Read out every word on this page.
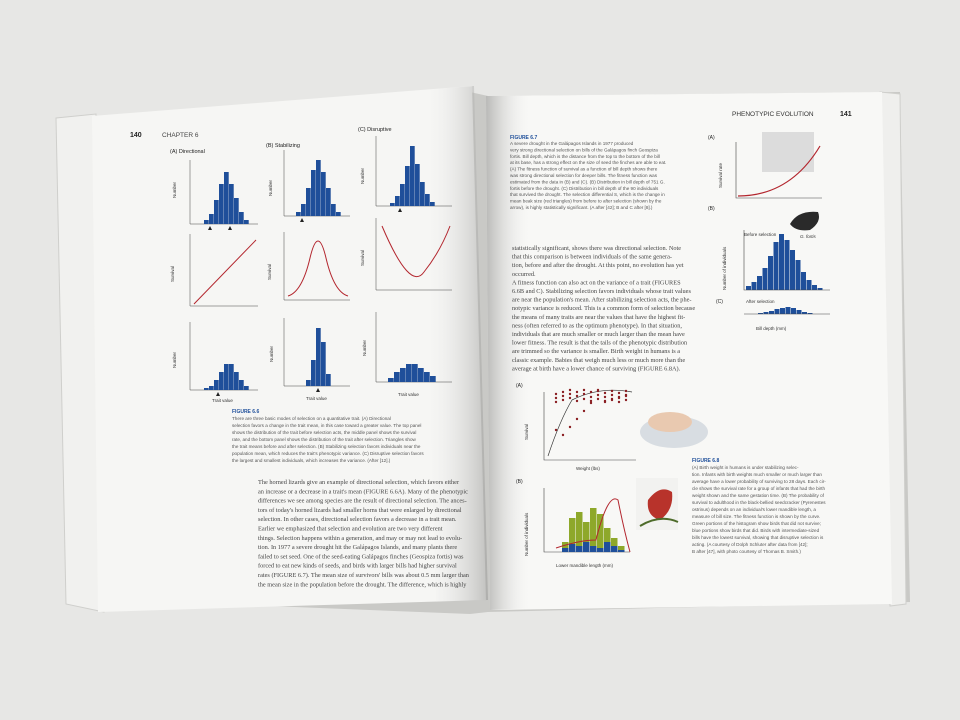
140	CHAPTER 6
(A) Directional
(B) Stabilizing
(C) Disruptive
Number
Survival
Number
Number
Survival
Number
Number
Survival
Number
Trait value	Trait value
Trait value
FIGURE 6.6
There are three basic modes of selection on a quantitative trait. (A) Directional
selection favors a change in the trait mean, in this case toward a greater value. The top panel
shows the distribution of the trait before selection acts, the middle panel shows the survival
rate, and the bottom panel shows the distribution of the trait after selection. Triangles show
the trait means before and after selection. (B) Stabilizing selection favors individuals near the
population mean, which reduces the trait's phenotypic variance. (C) Disruptive selection favors
the largest and smallest individuals, which increases the variance. (After [12].)
The horned lizards give an example of directional selection, which favors either
an increase or a decrease in a trait's mean (FIGURE 6.6A). Many of the phenotypic
differences we see among species are the result of directional selection. The ances-
tors of today's horned lizards had smaller horns that were enlarged by directional
selection. In other cases, directional selection favors a decrease in a trait mean.
Earlier we emphasized that selection and evolution are two very different
things. Selection happens within a generation, and may or may not lead to evolu-
tion. In 1977 a severe drought hit the Galápagos Islands, and many plants there
failed to set seed. One of the seed-eating Galápagos finches (Geospiza fortis) was
forced to eat new kinds of seeds, and birds with larger bills had higher survival
rates (FIGURE 6.7). The mean size of survivors' bills was about 0.5 mm larger than
the mean size in the population before the drought. The difference, which is highly
PHENOTYPIC EVOLUTION	141
FIGURE 6.7
A severe drought in the Galápagos Islands in 1977 produced
very strong directional selection on bills of the Galápagos finch Geospiza
fortis. Bill depth, which is the distance from the top to the bottom of the bill
at its base, has a strong effect on the size of seed the finches are able to eat.
(A) The fitness function of survival as a function of bill depth shows there
was strong directional selection for deeper bills. The fitness function was
estimated from the data in (B) and (C). (B) Distribution in bill depth of 751 G.
fortis before the drought. (C) Distribution in bill depth of the 90 individuals
that survived the drought. The selection differential S, which is the change in
mean beak size (red triangles) from before to after selection (shown by the
arrow), is highly statistically significant. (A after [42]; B and C after [8].)
statistically significant, shows there was directional selection. Note
that this comparison is between individuals of the same genera-
tion, before and after the drought. At this point, no evolution has yet
occurred.
A fitness function can also act on the variance of a trait (FIGURES
6.6B and C). Stabilizing selection favors individuals whose trait values
are near the population's mean. After stabilizing selection acts, the phe-
notypic variance is reduced. This is a common form of selection because
the means of many traits are near the values that have the highest fit-
ness (often referred to as the optimum phenotype). In that situation,
individuals that are much smaller or much larger than the mean have
lower fitness. The result is that the tails of the phenotypic distribution
are trimmed so the variance is smaller. Birth weight in humans is a
classic example. Babies that weigh much less or much more than the
average at birth have a lower chance of surviving (FIGURE 6.8A).
(A)
(B)
(C)
Survival rate
Number of individuals
Before selection
After selection
Bill depth (mm)
G. fortis
(A)
Survival
Weight (lbs)
(B)
Number of individuals
Lower mandible length (mm)
FIGURE 6.8
(A) Birth weight in humans is under stabilizing selec-
tion. Infants with birth weights much smaller or much larger than
average have a lower probability of surviving to 28 days. Each cir-
cle shows the survival rate for a group of infants that had the birth
weight shown and the same gestation time. (B) The probability of
survival to adulthood in the black-bellied seedcracker (Pyrenestes
ostrinus) depends on an individual's lower mandible length, a
measure of bill size. The fitness function is shown by the curve.
Green portions of the histogram show birds that did not survive;
blue portions show birds that did. Birds with intermediate-sized
bills have the lowest survival, showing that disruptive selection is
acting. (A courtesy of Dolph Schluter after data from [42];
B after [47], with photo courtesy of Thomas B. Smith.)
